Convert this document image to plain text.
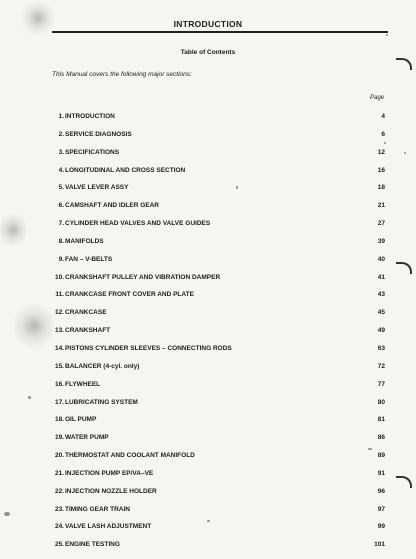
INTRODUCTION
Table of Contents
This Manual covers the following major sections:
Page
1. INTRODUCTION	4
2. SERVICE DIAGNOSIS	6
3. SPECIFICATIONS	12
4. LONGITUDINAL AND CROSS SECTION	16
5. VALVE LEVER ASSY	18
6. CAMSHAFT AND IDLER GEAR	21
7. CYLINDER HEAD VALVES AND VALVE GUIDES	27
8. MANIFOLDS	39
9. FAN – V-BELTS	40
10. CRANKSHAFT PULLEY AND VIBRATION DAMPER	41
11. CRANKCASE FRONT COVER AND PLATE	43
12. CRANKCASE	45
13. CRANKSHAFT	49
14. PISTONS CYLINDER SLEEVES – CONNECTING RODS	63
15. BALANCER (4-cyl. only)	72
16. FLYWHEEL	77
17. LUBRICATING SYSTEM	80
18. OIL PUMP	81
19. WATER PUMP	86
20. THERMOSTAT AND COOLANT MANIFOLD	89
21. INJECTION PUMP EP/VA–VE	91
22. INJECTION NOZZLE HOLDER	96
23. TIMING GEAR TRAIN	97
24. VALVE LASH ADJUSTMENT	99
25. ENGINE TESTING	101
